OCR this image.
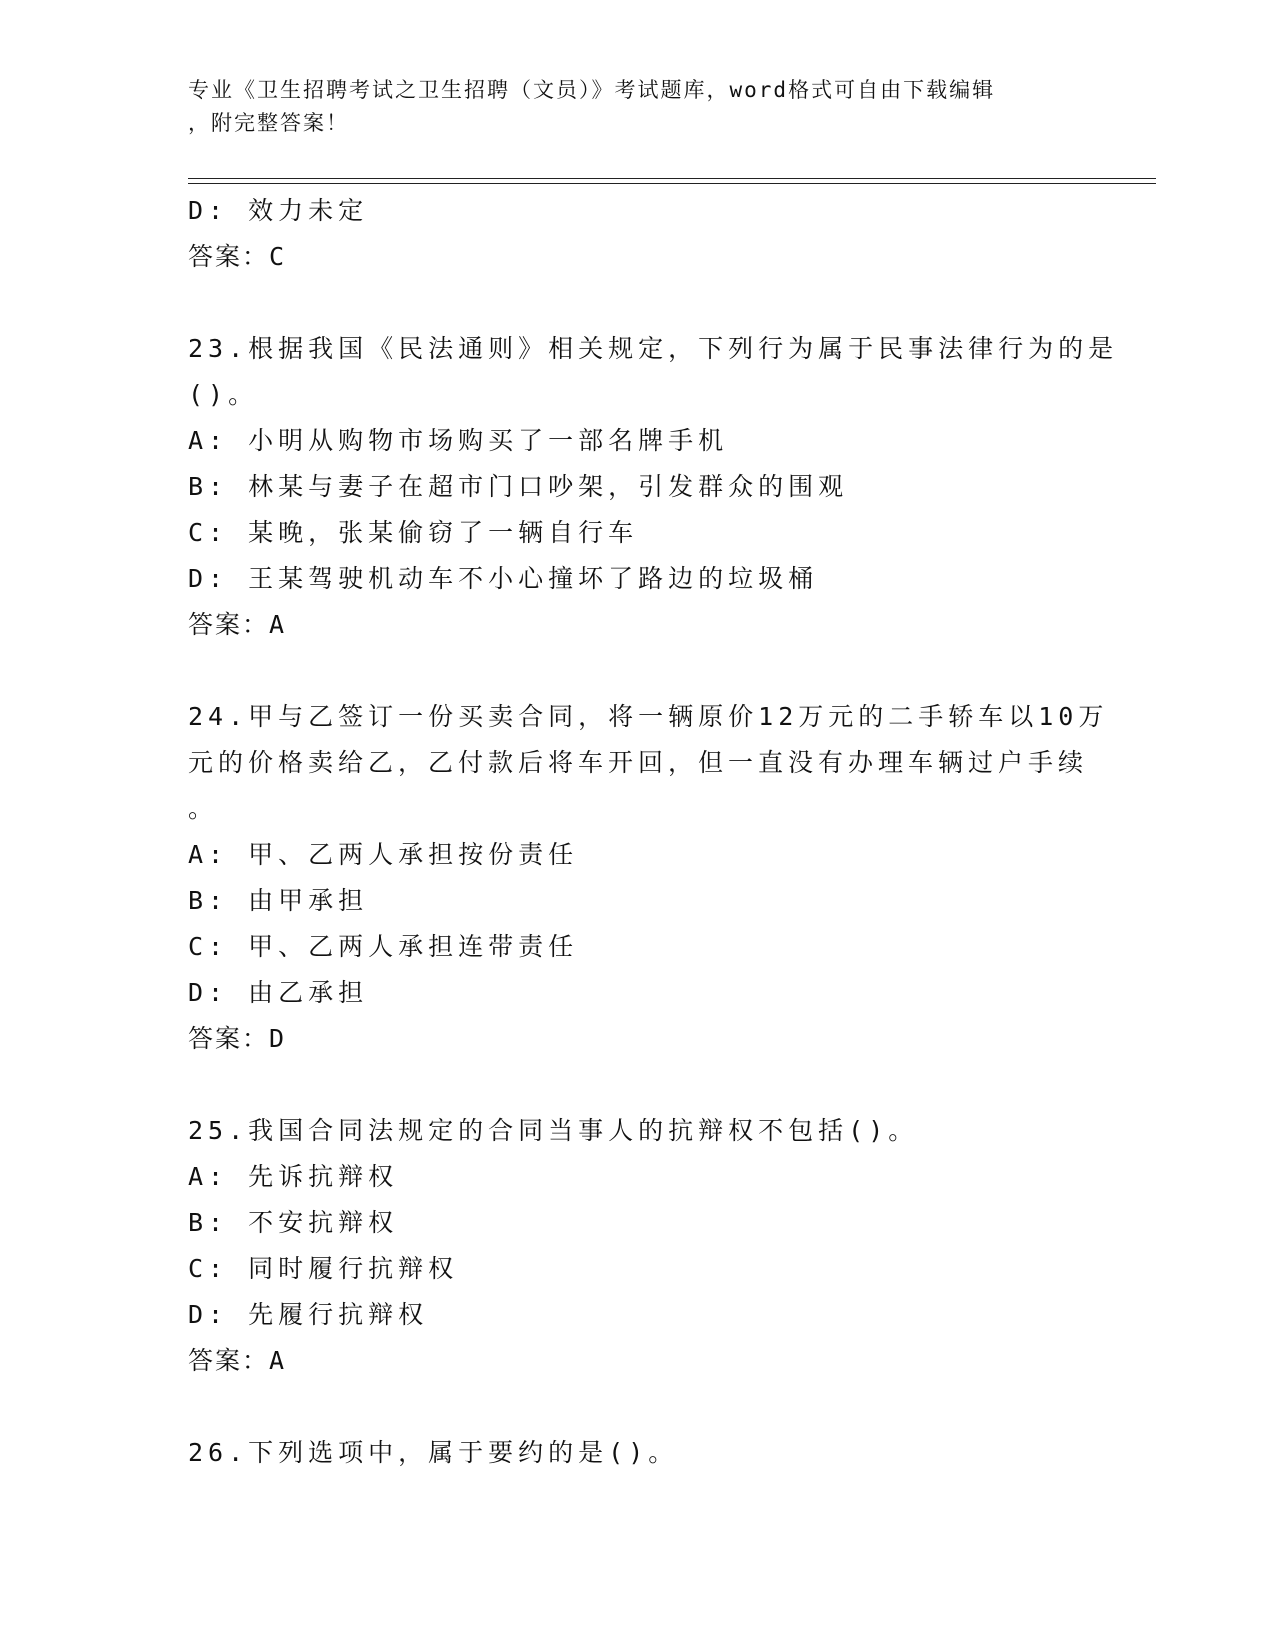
专业《卫生招聘考试之卫生招聘（文员）》考试题库，word格式可自由下载编辑
，附完整答案！
D: 效力未定
答案：C
23.根据我国《民法通则》相关规定，下列行为属于民事法律行为的是
()。
A: 小明从购物市场购买了一部名牌手机
B: 林某与妻子在超市门口吵架，引发群众的围观
C: 某晚，张某偷窃了一辆自行车
D: 王某驾驶机动车不小心撞坏了路边的垃圾桶
答案：A
24.甲与乙签订一份买卖合同，将一辆原价12万元的二手轿车以10万
元的价格卖给乙，乙付款后将车开回，但一直没有办理车辆过户手续
。
A: 甲、乙两人承担按份责任
B: 由甲承担
C: 甲、乙两人承担连带责任
D: 由乙承担
答案：D
25.我国合同法规定的合同当事人的抗辩权不包括()。
A: 先诉抗辩权
B: 不安抗辩权
C: 同时履行抗辩权
D: 先履行抗辩权
答案：A
26.下列选项中，属于要约的是()。
